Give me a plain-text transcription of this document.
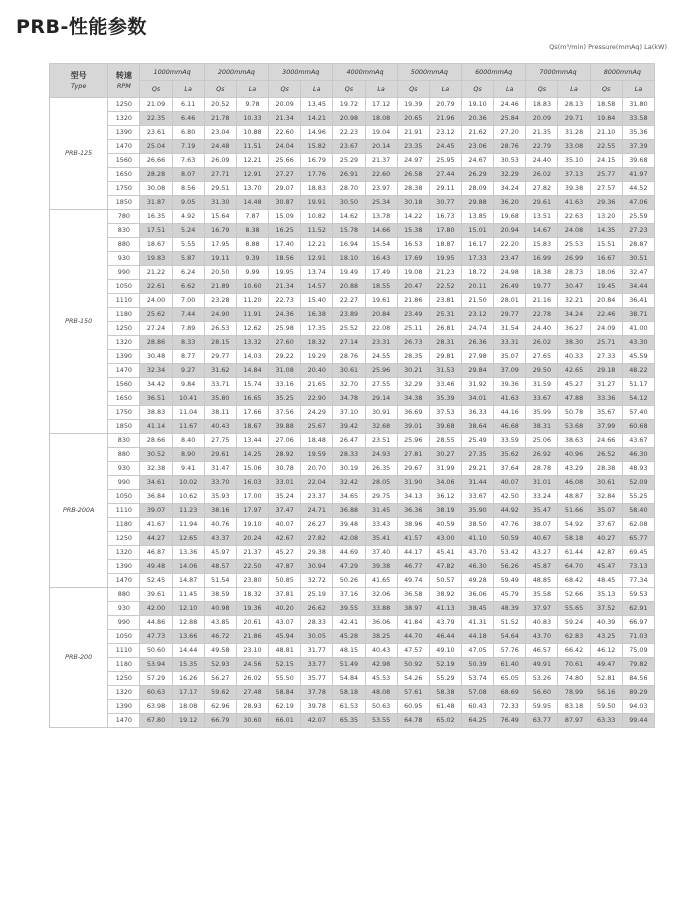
PRB-性能参数
Qs(m³/min) Pressure(mmAq) La(kW)
型号
Type	转速
RPM	1000mmAq		2000mmAq		3000mmAq		4000mmAq		5000mmAq		6000mmAq		7000mmAq		8000mmAq	
		Qs	La	Qs	La	Qs	La	Qs	La	Qs	La	Qs	La	Qs	La	Qs	La
PRB-125	1250	21.09	6.11	20.52	9.78	20.09	13.45	19.72	17.12	19.39	20.79	19.10	24.46	18.83	28.13	18.58	31.80
	1320	22.35	6.46	21.78	10.33	21.34	14.21	20.98	18.08	20.65	21.96	20.36	25.84	20.09	29.71	19.84	33.58
	1390	23.61	6.80	23.04	10.88	22.60	14.96	22.23	19.04	21.91	23.12	21.62	27.20	21.35	31.28	21.10	35.36
	1470	25.04	7.19	24.48	11.51	24.04	15.82	23.67	20.14	23.35	24.45	23.06	28.76	22.79	33.08	22.55	37.39
	1560	26.66	7.63	26.09	12.21	25.66	16.79	25.29	21.37	24.97	25.95	24.67	30.53	24.40	35.10	24.15	39.68
	1650	28.28	8.07	27.71	12.91	27.27	17.76	26.91	22.60	26.58	27.44	26.29	32.29	26.02	37.13	25.77	41.97
	1750	30.08	8.56	29.51	13.70	29.07	18.83	28.70	23.97	28.38	29.11	28.09	34.24	27.82	39.38	27.57	44.52
	1850	31.87	9.05	31.30	14.48	30.87	19.91	30.50	25.34	30.18	30.77	29.88	36.20	29.61	41.63	29.36	47.06
PRB-150	780	16.35	4.92	15.64	7.87	15.09	10.82	14.62	13.78	14.22	16.73	13.85	19.68	13.51	22.63	13.20	25.59
	830	17.51	5.24	16.79	8.38	16.25	11.52	15.78	14.66	15.38	17.80	15.01	20.94	14.67	24.08	14.35	27.23
	880	18.67	5.55	17.95	8.88	17.40	12.21	16.94	15.54	16.53	18.87	16.17	22.20	15.83	25.53	15.51	28.87
	930	19.83	5.87	19.11	9.39	18.56	12.91	18.10	16.43	17.69	19.95	17.33	23.47	16.99	26.99	16.67	30.51
	990	21.22	6.24	20.50	9.99	19.95	13.74	19.49	17.49	19.08	21.23	18.72	24.98	18.38	28.73	18.06	32.47
	1050	22.61	6.62	21.89	10.60	21.34	14.57	20.88	18.55	20.47	22.52	20.11	26.49	19.77	30.47	19.45	34.44
	1110	24.00	7.00	23.28	11.20	22.73	15.40	22.27	19.61	21.86	23.81	21.50	28.01	21.16	32.21	20.84	36.41
	1180	25.62	7.44	24.90	11.91	24.36	16.38	23.89	20.84	23.49	25.31	23.12	29.77	22.78	34.24	22.46	38.71
	1250	27.24	7.89	26.53	12.62	25.98	17.35	25.52	22.08	25.11	26.81	24.74	31.54	24.40	36.27	24.09	41.00
	1320	28.86	8.33	28.15	13.32	27.60	18.32	27.14	23.31	26.73	28.31	26.36	33.31	26.02	38.30	25.71	43.30
	1390	30.48	8.77	29.77	14.03	29.22	19.29	28.76	24.55	28.35	29.81	27.98	35.07	27.65	40.33	27.33	45.59
	1470	32.34	9.27	31.62	14.84	31.08	20.40	30.61	25.96	30.21	31.53	29.84	37.09	29.50	42.65	29.18	48.22
	1560	34.42	9.84	33.71	15.74	33.16	21.65	32.70	27.55	32.29	33.46	31.92	39.36	31.59	45.27	31.27	51.17
	1650	36.51	10.41	35.80	16.65	35.25	22.90	34.78	29.14	34.38	35.39	34.01	41.63	33.67	47.88	33.36	54.12
	1750	38.83	11.04	38.11	17.66	37.56	24.29	37.10	30.91	36.69	37.53	36.33	44.16	35.99	50.78	35.67	57.40
	1850	41.14	11.67	40.43	18.67	39.88	25.67	39.42	32.68	39.01	39.68	38.64	46.68	38.31	53.68	37.99	60.68
PRB-200A	830	28.66	8.40	27.75	13.44	27.06	18.48	26.47	23.51	25.96	28.55	25.49	33.59	25.06	38.63	24.66	43.67
	880	30.52	8.90	29.61	14.25	28.92	19.59	28.33	24.93	27.81	30.27	27.35	35.62	26.92	40.96	26.52	46.30
	930	32.38	9.41	31.47	15.06	30.78	20.70	30.19	26.35	29.67	31.99	29.21	37.64	28.78	43.29	28.38	48.93
	990	34.61	10.02	33.70	16.03	33.01	22.04	32.42	28.05	31.90	34.06	31.44	40.07	31.01	46.08	30.61	52.09
	1050	36.84	10.62	35.93	17.00	35.24	23.37	34.65	29.75	34.13	36.12	33.67	42.50	33.24	48.87	32.84	55.25
	1110	39.07	11.23	38.16	17.97	37.47	24.71	36.88	31.45	36.36	38.19	35.90	44.92	35.47	51.66	35.07	58.40
	1180	41.67	11.94	40.76	19.10	40.07	26.27	39.48	33.43	38.96	40.59	38.50	47.76	38.07	54.92	37.67	62.08
	1250	44.27	12.65	43.37	20.24	42.67	27.82	42.08	35.41	41.57	43.00	41.10	50.59	40.67	58.18	40.27	65.77
	1320	46.87	13.36	45.97	21.37	45.27	29.38	44.69	37.40	44.17	45.41	43.70	53.42	43.27	61.44	42.87	69.45
	1390	49.48	14.06	48.57	22.50	47.87	30.94	47.29	39.38	46.77	47.82	46.30	56.26	45.87	64.70	45.47	73.13
	1470	52.45	14.87	51.54	23.80	50.85	32.72	50.26	41.65	49.74	50.57	49.28	59.49	48.85	68.42	48.45	77.34
PRB-200	880	39.61	11.45	38.59	18.32	37.81	25.19	37.16	32.06	36.58	38.92	36.06	45.79	35.58	52.66	35.13	59.53
	930	42.00	12.10	40.98	19.36	40.20	26.62	39.55	33.88	38.97	41.13	38.45	48.39	37.97	55.65	37.52	62.91
	990	44.86	12.88	43.85	20.61	43.07	28.33	42.41	36.06	41.84	43.79	41.31	51.52	40.83	59.24	40.39	66.97
	1050	47.73	13.66	46.72	21.86	45.94	30.05	45.28	38.25	44.70	46.44	44.18	54.64	43.70	62.83	43.25	71.03
	1110	50.60	14.44	49.58	23.10	48.81	31.77	48.15	40.43	47.57	49.10	47.05	57.76	46.57	66.42	46.12	75.09
	1180	53.94	15.35	52.93	24.56	52.15	33.77	51.49	42.98	50.92	52.19	50.39	61.40	49.91	70.61	49.47	79.82
	1250	57.29	16.26	56.27	26.02	55.50	35.77	54.84	45.53	54.26	55.29	53.74	65.05	53.26	74.80	52.81	84.56
	1320	60.63	17.17	59.62	27.48	58.84	37.78	58.18	48.08	57.61	58.38	57.08	68.69	56.60	78.99	56.16	89.29
	1390	63.98	18.08	62.96	28.93	62.19	39.78	61.53	50.63	60.95	61.48	60.43	72.33	59.95	83.18	59.50	94.03
	1470	67.80	19.12	66.79	30.60	66.01	42.07	65.35	53.55	64.78	65.02	64.25	76.49	63.77	87.97	63.33	99.44
